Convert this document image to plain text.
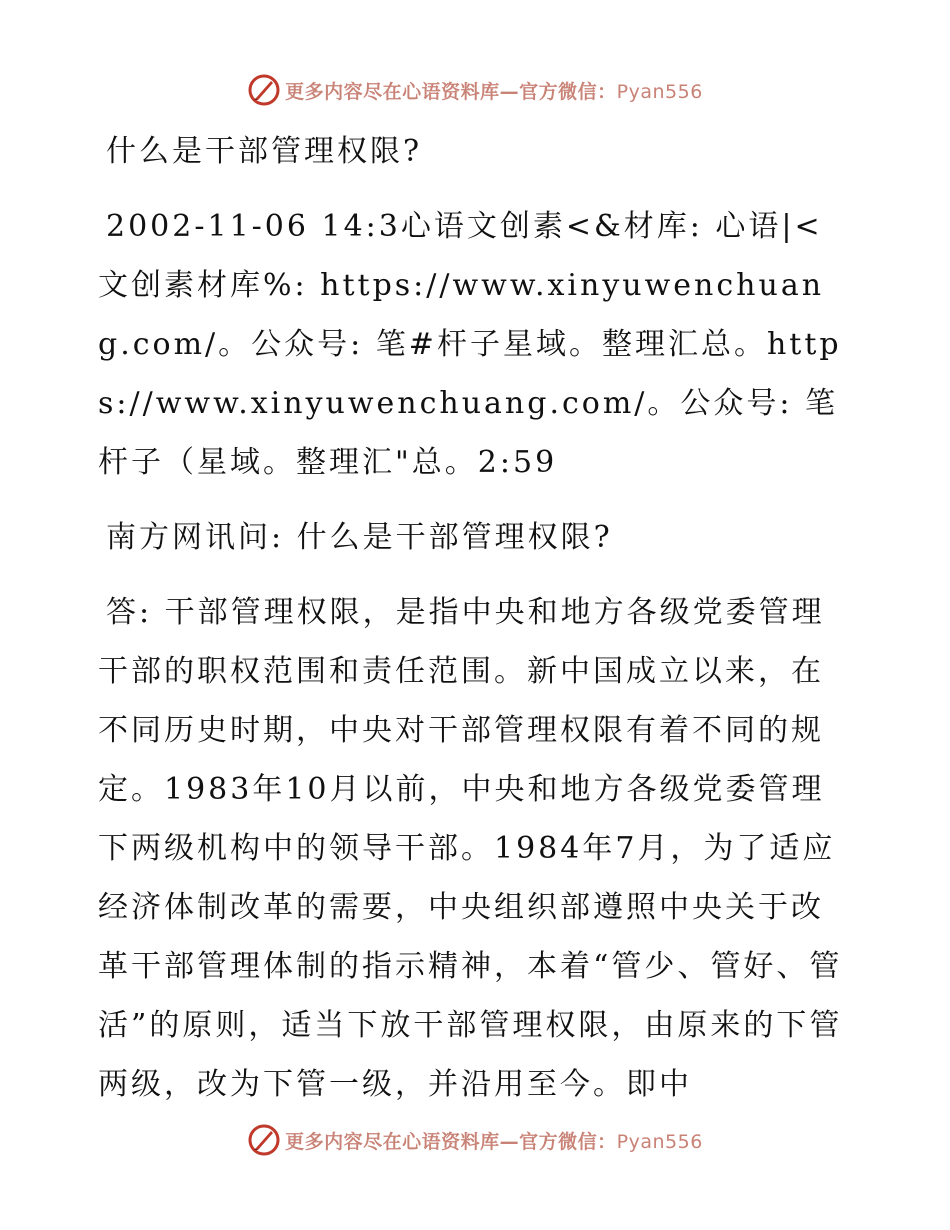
更多内容尽在心语资料库—官方微信：Pyan556

什么是干部管理权限?

2002-11-06 14:3心语文创素<&材库: 心语|<文创素材库%: https://www.xinyuwenchuang.com/。公众号: 笔#杆子星域。整理汇总。https://www.xinyuwenchuang.com/。公众号: 笔杆子（星域。整理汇"总。2:59

南方网讯问: 什么是干部管理权限?

答: 干部管理权限，是指中央和地方各级党委管理干部的职权范围和责任范围。新中国成立以来，在不同历史时期，中央对干部管理权限有着不同的规定。1983年10月以前，中央和地方各级党委管理下两级机构中的领导干部。1984年7月，为了适应经济体制改革的需要，中央组织部遵照中央关于改革干部管理体制的指示精神，本着“管少、管好、管活”的原则，适当下放干部管理权限，由原来的下管两级，改为下管一级，并沿用至今。即中

更多内容尽在心语资料库—官方微信：Pyan556
